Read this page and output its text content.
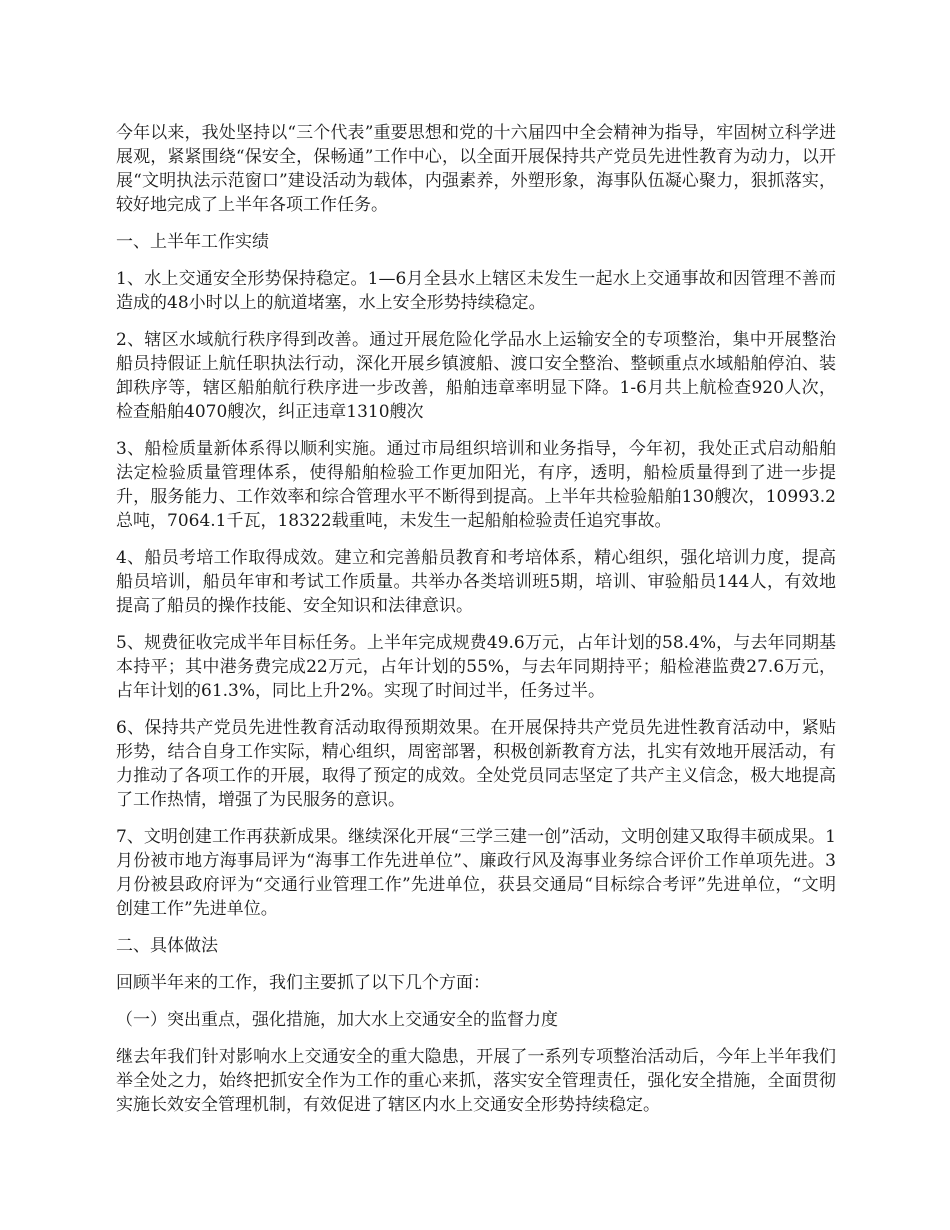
今年以来，我处坚持以“三个代表”重要思想和党的十六届四中全会精神为指导，牢固树立科学进展观，紧紧围绕“保安全，保畅通”工作中心，以全面开展保持共产党员先进性教育为动力，以开展“文明执法示范窗口”建设活动为载体，内强素养，外塑形象，海事队伍凝心聚力，狠抓落实，较好地完成了上半年各项工作任务。

一、上半年工作实绩

1、水上交通安全形势保持稳定。1—6月全县水上辖区未发生一起水上交通事故和因管理不善而造成的48小时以上的航道堵塞，水上安全形势持续稳定。

2、辖区水域航行秩序得到改善。通过开展危险化学品水上运输安全的专项整治，集中开展整治船员持假证上航任职执法行动，深化开展乡镇渡船、渡口安全整治、整顿重点水域船舶停泊、装卸秩序等，辖区船舶航行秩序进一步改善，船舶违章率明显下降。1-6月共上航检查920人次，检查船舶4070艘次，纠正违章1310艘次

3、船检质量新体系得以顺利实施。通过市局组织培训和业务指导，今年初，我处正式启动船舶法定检验质量管理体系，使得船舶检验工作更加阳光，有序，透明，船检质量得到了进一步提升，服务能力、工作效率和综合管理水平不断得到提高。上半年共检验船舶130艘次，10993.2总吨，7064.1千瓦，18322载重吨，未发生一起船舶检验责任追究事故。

4、船员考培工作取得成效。建立和完善船员教育和考培体系，精心组织，强化培训力度，提高船员培训，船员年审和考试工作质量。共举办各类培训班5期，培训、审验船员144人，有效地提高了船员的操作技能、安全知识和法律意识。

5、规费征收完成半年目标任务。上半年完成规费49.6万元，占年计划的58.4%，与去年同期基本持平；其中港务费完成22万元，占年计划的55%，与去年同期持平；船检港监费27.6万元，占年计划的61.3%，同比上升2%。实现了时间过半，任务过半。

6、保持共产党员先进性教育活动取得预期效果。在开展保持共产党员先进性教育活动中，紧贴形势，结合自身工作实际，精心组织，周密部署，积极创新教育方法，扎实有效地开展活动，有力推动了各项工作的开展，取得了预定的成效。全处党员同志坚定了共产主义信念，极大地提高了工作热情，增强了为民服务的意识。

7、文明创建工作再获新成果。继续深化开展“三学三建一创”活动，文明创建又取得丰硕成果。1月份被市地方海事局评为“海事工作先进单位”、廉政行风及海事业务综合评价工作单项先进。3月份被县政府评为“交通行业管理工作”先进单位，获县交通局“目标综合考评”先进单位，“文明创建工作”先进单位。

二、具体做法

回顾半年来的工作，我们主要抓了以下几个方面：

（一）突出重点，强化措施，加大水上交通安全的监督力度

继去年我们针对影响水上交通安全的重大隐患，开展了一系列专项整治活动后，今年上半年我们举全处之力，始终把抓安全作为工作的重心来抓，落实安全管理责任，强化安全措施，全面贯彻实施长效安全管理机制，有效促进了辖区内水上交通安全形势持续稳定。
